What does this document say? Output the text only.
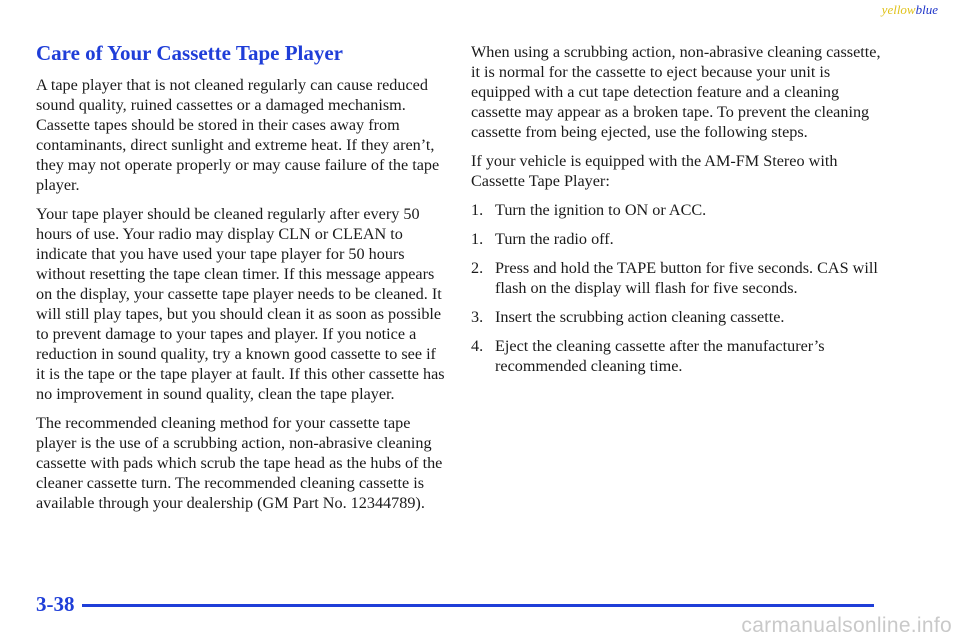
yellowblue
Care of Your Cassette Tape Player

A tape player that is not cleaned regularly can cause reduced sound quality, ruined cassettes or a damaged mechanism. Cassette tapes should be stored in their cases away from contaminants, direct sunlight and extreme heat. If they aren’t, they may not operate properly or may cause failure of the tape player.

Your tape player should be cleaned regularly after every 50 hours of use. Your radio may display CLN or CLEAN to indicate that you have used your tape player for 50 hours without resetting the tape clean timer. If this message appears on the display, your cassette tape player needs to be cleaned. It will still play tapes, but you should clean it as soon as possible to prevent damage to your tapes and player. If you notice a reduction in sound quality, try a known good cassette to see if it is the tape or the tape player at fault. If this other cassette has no improvement in sound quality, clean the tape player.

The recommended cleaning method for your cassette tape player is the use of a scrubbing action, non-abrasive cleaning cassette with pads which scrub the tape head as the hubs of the cleaner cassette turn. The recommended cleaning cassette is available through your dealership (GM Part No. 12344789).

When using a scrubbing action, non-abrasive cleaning cassette, it is normal for the cassette to eject because your unit is equipped with a cut tape detection feature and a cleaning cassette may appear as a broken tape. To prevent the cleaning cassette from being ejected, use the following steps.

If your vehicle is equipped with the AM-FM Stereo with Cassette Tape Player:

1. Turn the ignition to ON or ACC.
1. Turn the radio off.
2. Press and hold the TAPE button for five seconds. CAS will flash on the display will flash for five seconds.
3. Insert the scrubbing action cleaning cassette.
4. Eject the cleaning cassette after the manufacturer’s recommended cleaning time.
3-38
carmanualsonline.info
